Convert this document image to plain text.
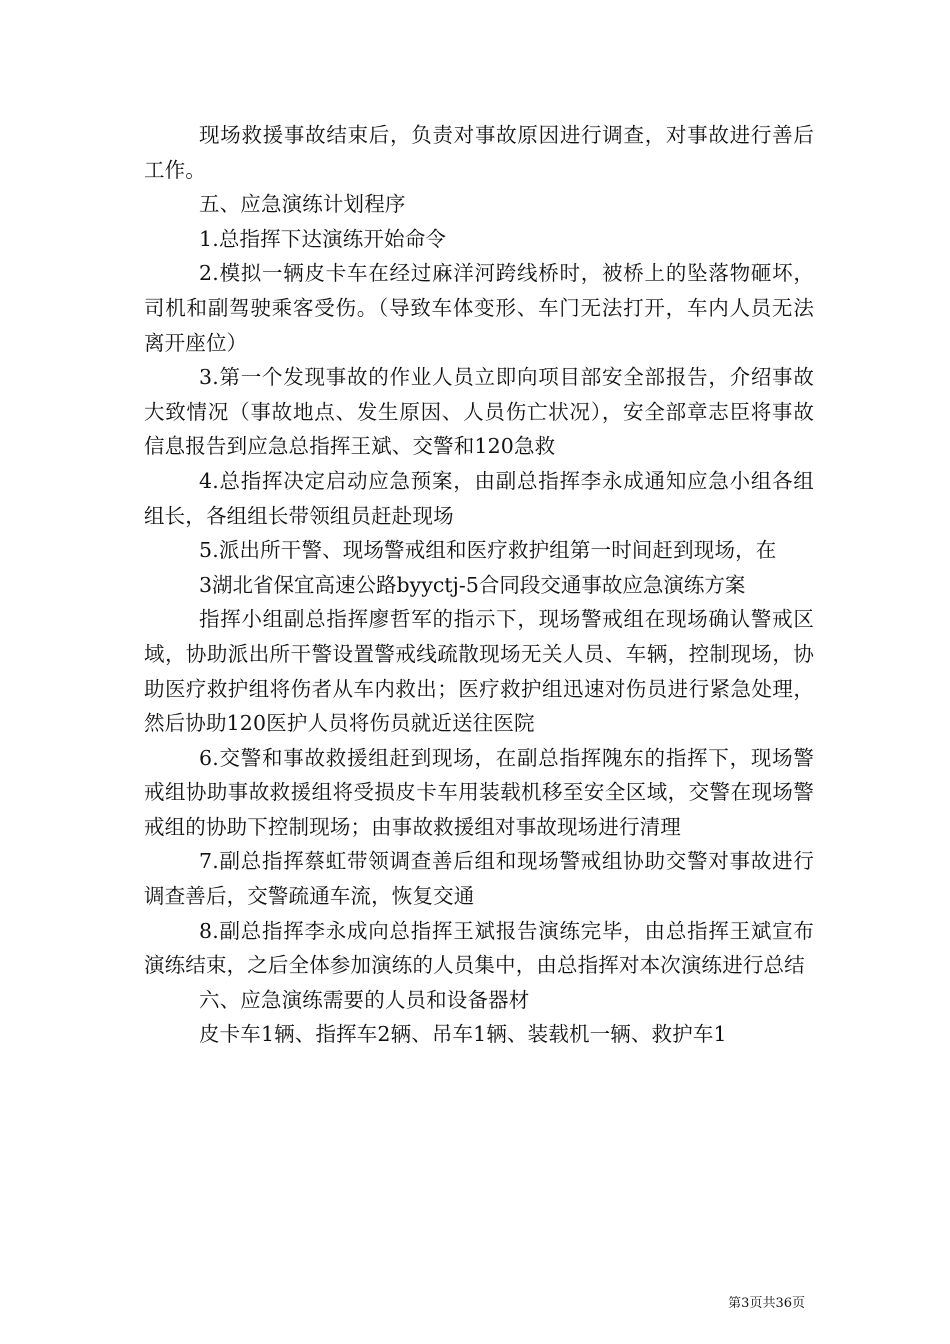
现场救援事故结束后，负责对事故原因进行调查，对事故进行善后工作。

五、应急演练计划程序

1.总指挥下达演练开始命令

2.模拟一辆皮卡车在经过麻洋河跨线桥时，被桥上的坠落物砸坏，司机和副驾驶乘客受伤。（导致车体变形、车门无法打开，车内人员无法离开座位）

3.第一个发现事故的作业人员立即向项目部安全部报告，介绍事故大致情况（事故地点、发生原因、人员伤亡状况），安全部章志臣将事故信息报告到应急总指挥王斌、交警和120急救

4.总指挥决定启动应急预案，由副总指挥李永成通知应急小组各组组长，各组组长带领组员赶赴现场

5.派出所干警、现场警戒组和医疗救护组第一时间赶到现场，在

3湖北省保宜高速公路byyctj-5合同段交通事故应急演练方案

指挥小组副总指挥廖哲军的指示下，现场警戒组在现场确认警戒区域，协助派出所干警设置警戒线疏散现场无关人员、车辆，控制现场，协助医疗救护组将伤者从车内救出；医疗救护组迅速对伤员进行紧急处理，然后协助120医护人员将伤员就近送往医院

6.交警和事故救援组赶到现场，在副总指挥隗东的指挥下，现场警戒组协助事故救援组将受损皮卡车用装载机移至安全区域，交警在现场警戒组的协助下控制现场；由事故救援组对事故现场进行清理

7.副总指挥蔡虹带领调查善后组和现场警戒组协助交警对事故进行调查善后，交警疏通车流，恢复交通

8.副总指挥李永成向总指挥王斌报告演练完毕，由总指挥王斌宣布演练结束，之后全体参加演练的人员集中，由总指挥对本次演练进行总结

六、应急演练需要的人员和设备器材

皮卡车1辆、指挥车2辆、吊车1辆、装载机一辆、救护车1

第3页共36页
